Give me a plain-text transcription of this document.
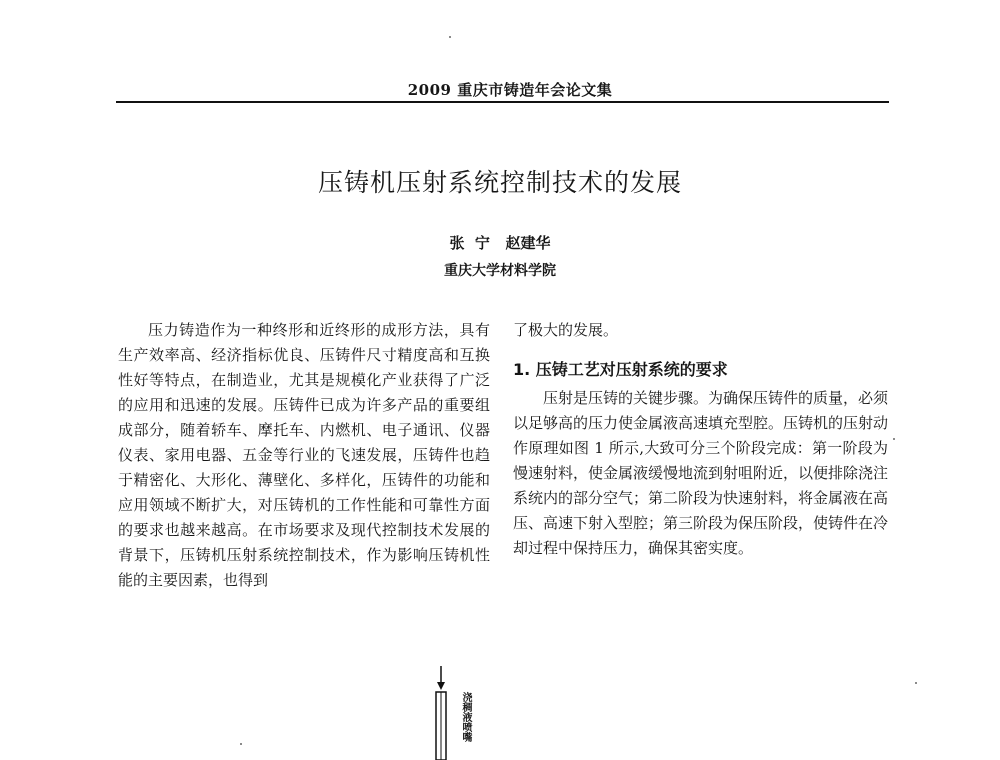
2009 重庆市铸造年会论文集
压铸机压射系统控制技术的发展
张  宁   赵建华
重庆大学材料学院

压力铸造作为一种终形和近终形的成形方法，具有生产效率高、经济指标优良、压铸件尺寸精度高和互换性好等特点，在制造业，尤其是规模化产业获得了广泛的应用和迅速的发展。压铸件已成为许多产品的重要组成部分，随着轿车、摩托车、内燃机、电子通讯、仪器仪表、家用电器、五金等行业的飞速发展，压铸件也趋于精密化、大形化、薄壁化、多样化，压铸件的功能和应用领域不断扩大，对压铸机的工作性能和可靠性方面的要求也越来越高。在市场要求及现代控制技术发展的背景下，压铸机压射系统控制技术，作为影响压铸机性能的主要因素，也得到

了极大的发展。

1. 压铸工艺对压射系统的要求

压射是压铸的关键步骤。为确保压铸件的质量，必须以足够高的压力使金属液高速填充型腔。压铸机的压射动作原理如图 1 所示,大致可分三个阶段完成：第一阶段为慢速射料，使金属液缓慢地流到射咀附近，以便排除浇注系统内的部分空气；第二阶段为快速射料，将金属液在高压、高速下射入型腔；第三阶段为保压阶段，使铸件在冷却过程中保持压力，确保其密实度。

浇稠液喷嘴
